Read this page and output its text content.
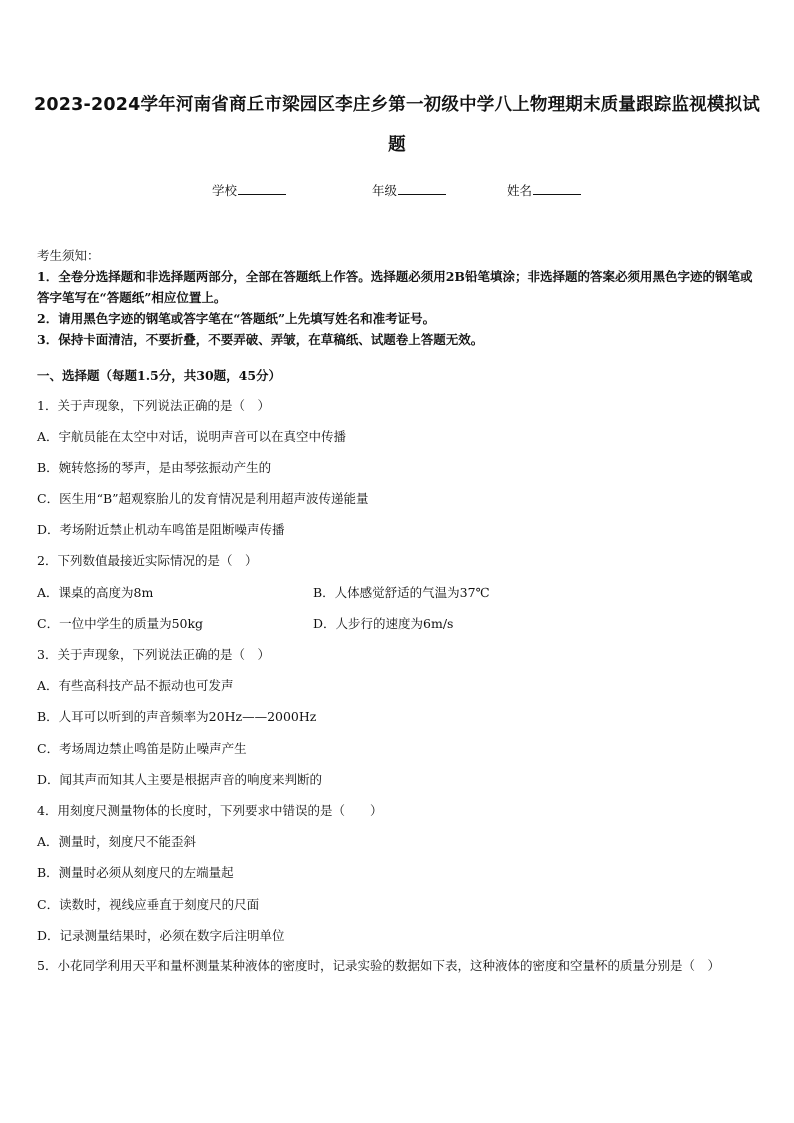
2023-2024学年河南省商丘市梁园区李庄乡第一初级中学八上物理期末质量跟踪监视模拟试题
学校	年级	姓名
考生须知：
1．全卷分选择题和非选择题两部分，全部在答题纸上作答。选择题必须用2B铅笔填涂；非选择题的答案必须用黑色字迹的钢笔或答字笔写在“答题纸”相应位置上。
2．请用黑色字迹的钢笔或答字笔在“答题纸”上先填写姓名和准考证号。
3．保持卡面清洁，不要折叠，不要弄破、弄皱，在草稿纸、试题卷上答题无效。
一、选择题（每题1.5分，共30题，45分）
1．关于声现象，下列说法正确的是（　）
A．宇航员能在太空中对话，说明声音可以在真空中传播
B．婉转悠扬的琴声，是由琴弦振动产生的
C．医生用“B”超观察胎儿的发育情况是利用超声波传递能量
D．考场附近禁止机动车鸣笛是阻断噪声传播
2．下列数值最接近实际情况的是（　）
A．课桌的高度为8m	B．人体感觉舒适的气温为37℃
C．一位中学生的质量为50kg	D．人步行的速度为6m/s
3．关于声现象，下列说法正确的是（　）
A．有些高科技产品不振动也可发声
B．人耳可以听到的声音频率为20Hz——2000Hz
C．考场周边禁止鸣笛是防止噪声产生
D．闻其声而知其人主要是根据声音的响度来判断的
4．用刻度尺测量物体的长度时，下列要求中错误的是（　　）
A．测量时，刻度尺不能歪斜
B．测量时必须从刻度尺的左端量起
C．读数时，视线应垂直于刻度尺的尺面
D．记录测量结果时，必须在数字后注明单位
5．小花同学利用天平和量杯测量某种液体的密度时，记录实验的数据如下表，这种液体的密度和空量杯的质量分别是（　）
